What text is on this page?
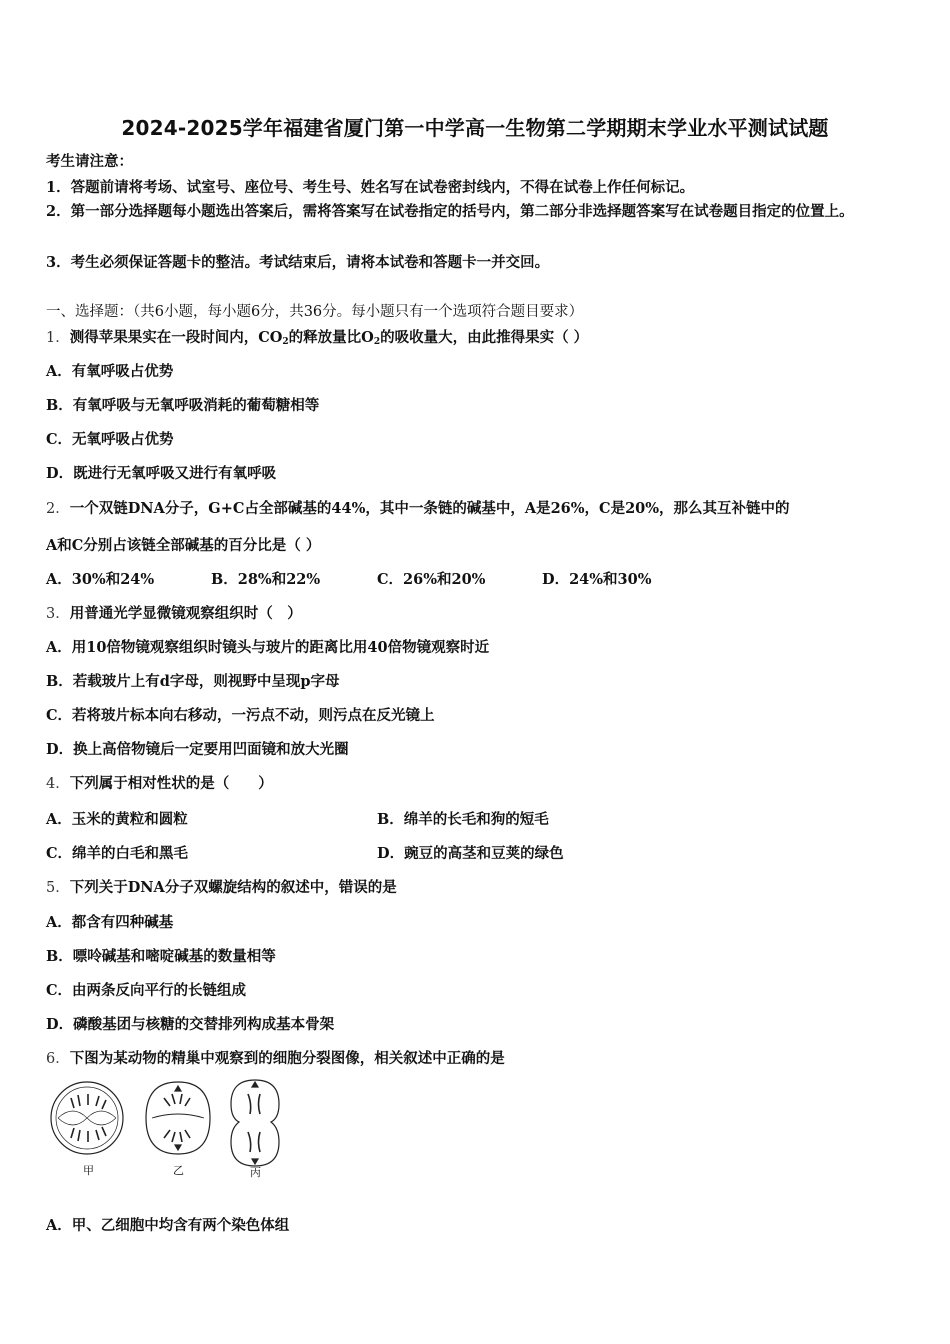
2024-2025学年福建省厦门第一中学高一生物第二学期期末学业水平测试试题
考生请注意：
1．答题前请将考场、试室号、座位号、考生号、姓名写在试卷密封线内，不得在试卷上作任何标记。
2．第一部分选择题每小题选出答案后，需将答案写在试卷指定的括号内，第二部分非选择题答案写在试卷题目指定的位置上。
3．考生必须保证答题卡的整洁。考试结束后，请将本试卷和答题卡一并交回。
一、选择题：（共6小题，每小题6分，共36分。每小题只有一个选项符合题目要求）
1．测得苹果果实在一段时间内，$CO_2$的释放量比$O_2$的吸收量大，由此推得果实（ ）
A．有氧呼吸占优势
B．有氧呼吸与无氧呼吸消耗的葡萄糖相等
C．无氧呼吸占优势
D．既进行无氧呼吸又进行有氧呼吸
2．一个双链DNA分子，G+C占全部碱基的44%，其中一条链的碱基中，A是26%，C是20%，那么其互补链中的
A和C分别占该链全部碱基的百分比是（ ）
A．30%和24%	B．28%和22%	C．26%和20%	D．24%和30%
3．用普通光学显微镜观察组织时（　）
A．用10倍物镜观察组织时镜头与玻片的距离比用40倍物镜观察时近
B．若载玻片上有d字母，则视野中呈现p字母
C．若将玻片标本向右移动，一污点不动，则污点在反光镜上
D．换上高倍物镜后一定要用凹面镜和放大光圈
4．下列属于相对性状的是（　　）
A．玉米的黄粒和圆粒	B．绵羊的长毛和狗的短毛
C．绵羊的白毛和黑毛	D．豌豆的高茎和豆荚的绿色
5．下列关于DNA分子双螺旋结构的叙述中，错误的是
A．都含有四种碱基
B．嘌呤碱基和嘧啶碱基的数量相等
C．由两条反向平行的长链组成
D．磷酸基团与核糖的交替排列构成基本骨架
6．下图为某动物的精巢中观察到的细胞分裂图像，相关叙述中正确的是
甲	乙	丙
A．甲、乙细胞中均含有两个染色体组
